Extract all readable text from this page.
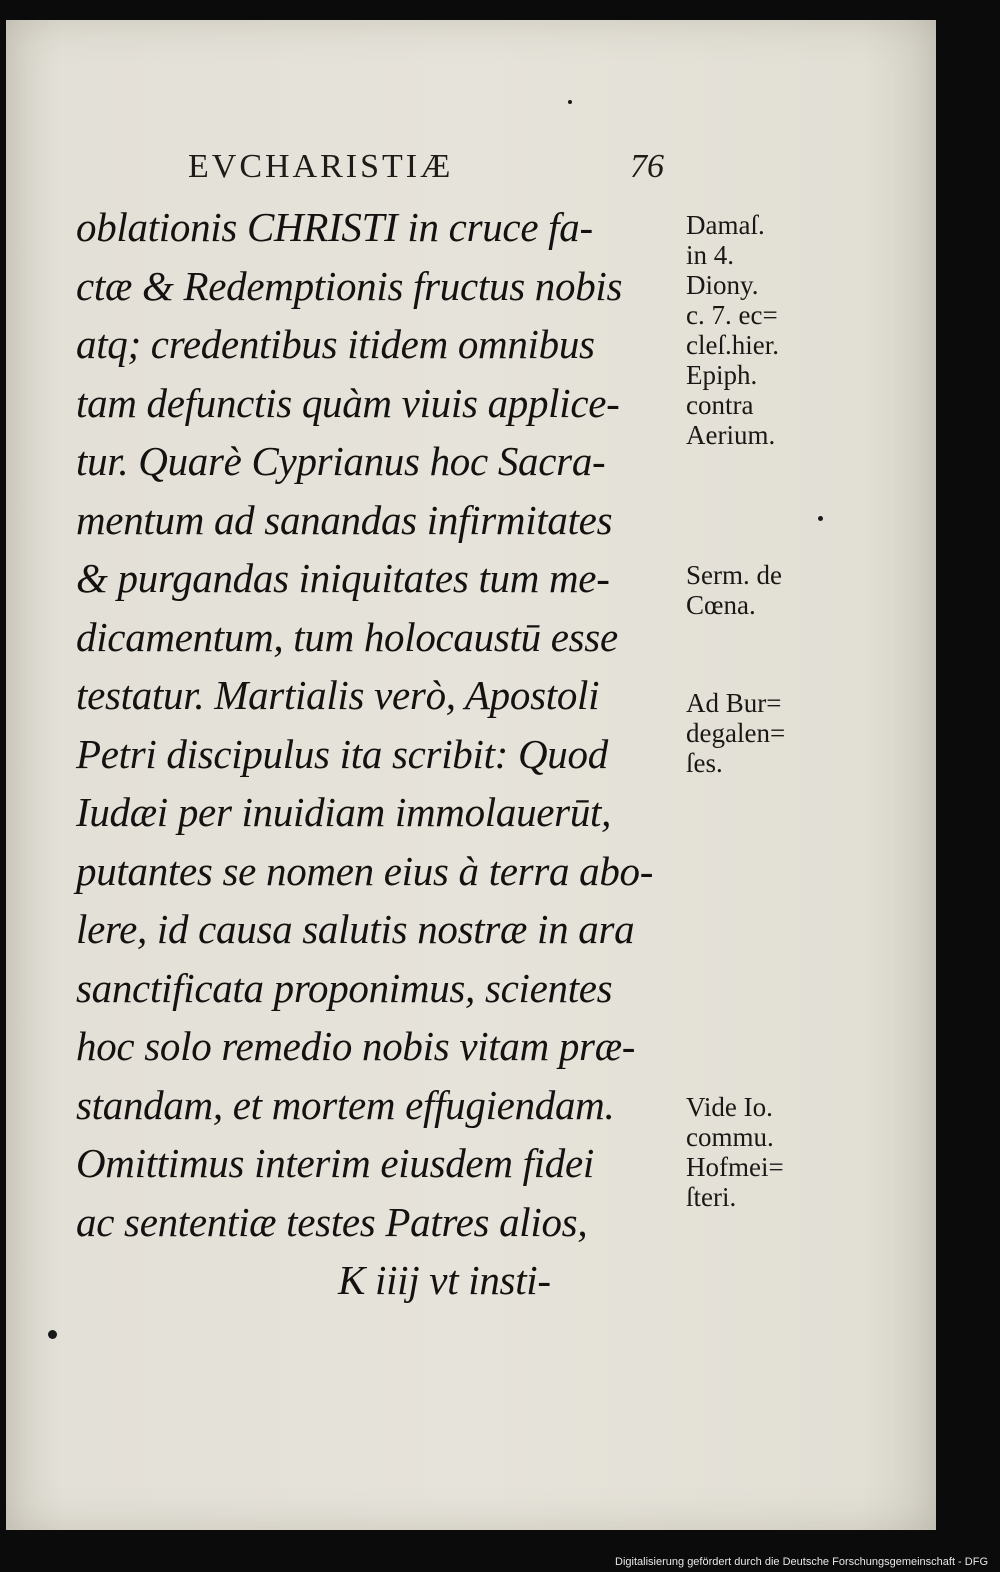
EVCHARISTIÆ	76
oblationis CHRISTI in cruce fa-
ctæ & Redemptionis fructus nobis
atq; credentibus itidem omnibus
tam defunctis quàm viuis applice-
tur. Quarè Cyprianus hoc Sacra-
mentum ad sanandas infirmitates
& purgandas iniquitates tum me-
dicamentum, tum holocaustū esse
testatur. Martialis verò, Apostoli
Petri discipulus ita scribit: Quod
Iudæi per inuidiam immolauerūt,
putantes se nomen eius à terra abo-
lere, id causa salutis nostræ in ara
sanctificata proponimus, scientes
hoc solo remedio nobis vitam præ-
standam, et mortem effugiendam.
Omittimus interim eiusdem fidei
ac sententiæ testes Patres alios,
K iiij vt insti-
Damaſ.
in 4.
Diony.
c. 7. ec=
cleſ.hier.
Epiph.
contra
Aerium.
Serm. de
Cœna.
Ad Bur=
degalen=
ſes.
Vide Io.
commu.
Hofmei=
ſteri.
Digitalisierung gefördert durch die Deutsche Forschungsgemeinschaft - DFG
